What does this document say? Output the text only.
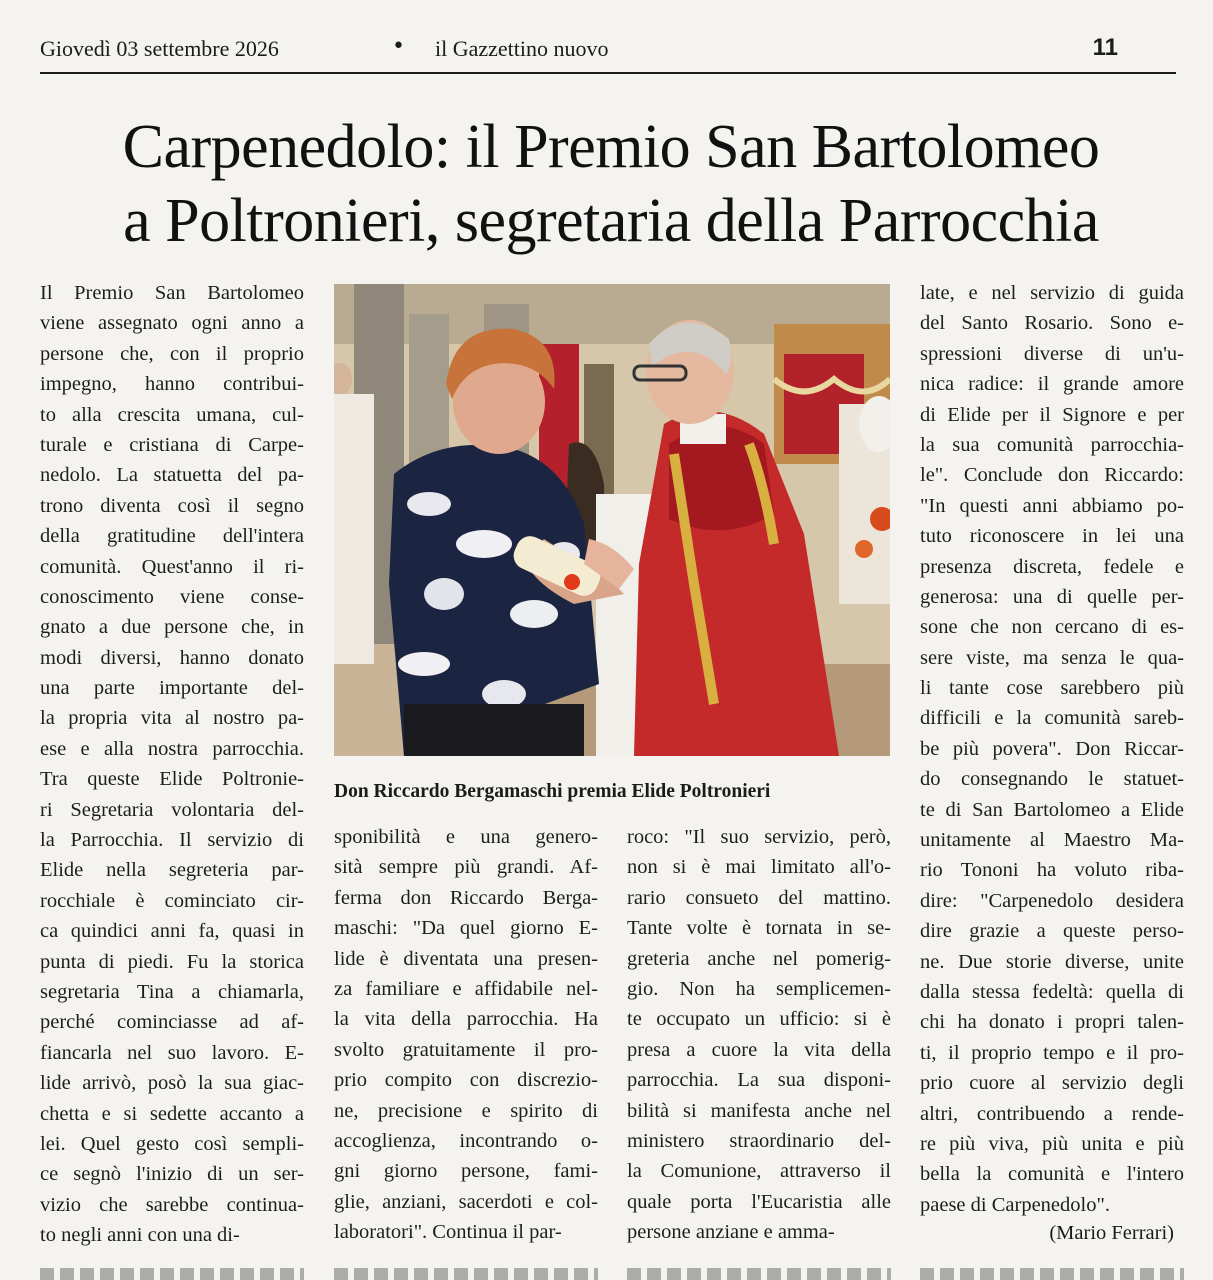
Giovedì 03 settembre 2026	• il Gazzettino nuovo	11
Carpenedolo: il Premio San Bartolomeo
a Poltronieri, segretaria della Parrocchia
Il Premio San Bartolomeo
viene assegnato ogni anno a
persone che, con il proprio
impegno, hanno contribui-
to alla crescita umana, cul-
turale e cristiana di Carpe-
nedolo. La statuetta del pa-
trono diventa così il segno
della gratitudine dell'intera
comunità. Quest'anno il ri-
conoscimento viene conse-
gnato a due persone che, in
modi diversi, hanno donato
una parte importante del-
la propria vita al nostro pa-
ese e alla nostra parrocchia.
Tra queste Elide Poltronie-
ri Segretaria volontaria del-
la Parrocchia. Il servizio di
Elide nella segreteria par-
rocchiale è cominciato cir-
ca quindici anni fa, quasi in
punta di piedi. Fu la storica
segretaria Tina a chiamarla,
perché cominciasse ad af-
fiancarla nel suo lavoro. E-
lide arrivò, posò la sua giac-
chetta e si sedette accanto a
lei. Quel gesto così sempli-
ce segnò l'inizio di un ser-
vizio che sarebbe continua-
to negli anni con una di-
Don Riccardo Bergamaschi premia Elide Poltronieri
sponibilità e una genero-
sità sempre più grandi. Af-
ferma don Riccardo Berga-
maschi: "Da quel giorno E-
lide è diventata una presen-
za familiare e affidabile nel-
la vita della parrocchia. Ha
svolto gratuitamente il pro-
prio compito con discrezio-
ne, precisione e spirito di
accoglienza, incontrando o-
gni giorno persone, fami-
glie, anziani, sacerdoti e col-
laboratori". Continua il par-
roco: "Il suo servizio, però,
non si è mai limitato all'o-
rario consueto del mattino.
Tante volte è tornata in se-
greteria anche nel pomerig-
gio. Non ha semplicemen-
te occupato un ufficio: si è
presa a cuore la vita della
parrocchia. La sua disponi-
bilità si manifesta anche nel
ministero straordinario del-
la Comunione, attraverso il
quale porta l'Eucaristia alle
persone anziane e amma-
late, e nel servizio di guida
del Santo Rosario. Sono e-
spressioni diverse di un'u-
nica radice: il grande amore
di Elide per il Signore e per
la sua comunità parrocchia-
le". Conclude don Riccardo:
"In questi anni abbiamo po-
tuto riconoscere in lei una
presenza discreta, fedele e
generosa: una di quelle per-
sone che non cercano di es-
sere viste, ma senza le qua-
li tante cose sarebbero più
difficili e la comunità sareb-
be più povera". Don Riccar-
do consegnando le statuet-
te di San Bartolomeo a Elide
unitamente al Maestro Ma-
rio Tononi ha voluto riba-
dire: "Carpenedolo desidera
dire grazie a queste perso-
ne. Due storie diverse, unite
dalla stessa fedeltà: quella di
chi ha donato i propri talen-
ti, il proprio tempo e il pro-
prio cuore al servizio degli
altri, contribuendo a rende-
re più viva, più unita e più
bella la comunità e l'intero
paese di Carpenedolo".
(Mario Ferrari)
